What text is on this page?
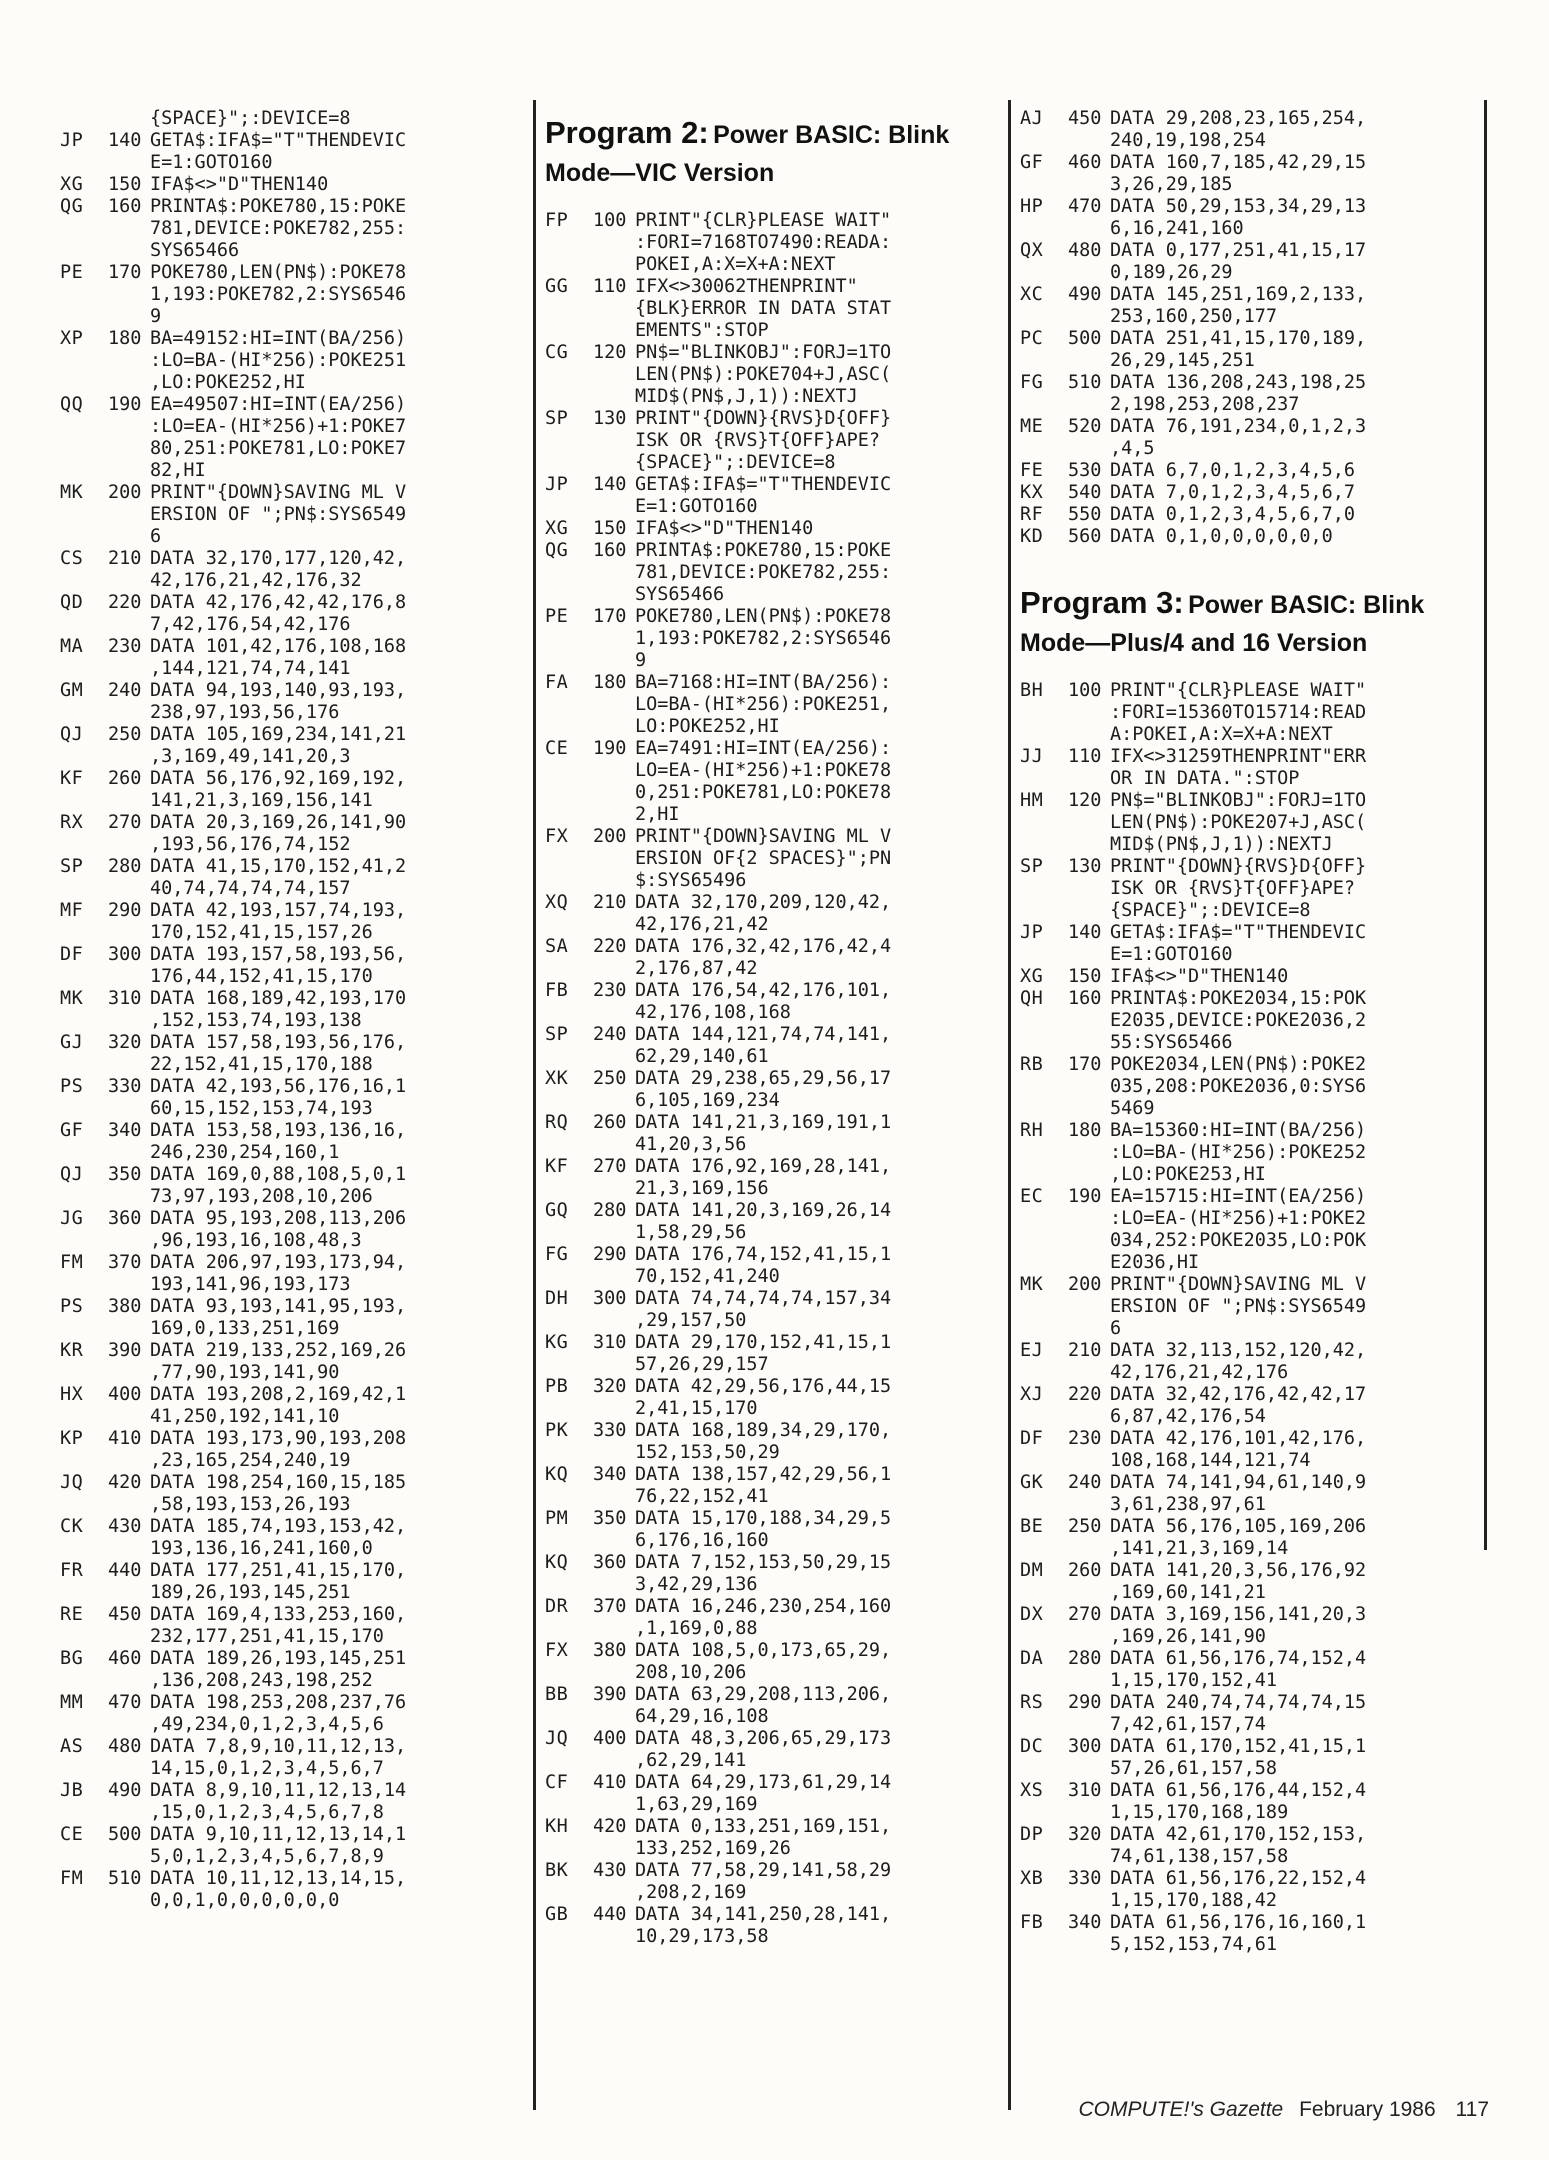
{SPACE}";:DEVICE=8
JP	140 GETA$:IFA$="T"THENDEVIC
E=1:GOTO160
XG	150 IFA$<>"D"THEN140
QG	160 PRINTA$:POKE780,15:POKE
781,DEVICE:POKE782,255:
SYS65466
PE	170 POKE780,LEN(PN$):POKE78
1,193:POKE782,2:SYS6546
9
XP	180 BA=49152:HI=INT(BA/256)
:LO=BA-(HI*256):POKE251
,LO:POKE252,HI
QQ	190 EA=49507:HI=INT(EA/256)
:LO=EA-(HI*256)+1:POKE7
80,251:POKE781,LO:POKE7
82,HI
MK	200 PRINT"{DOWN}SAVING ML V
ERSION OF ";PN$:SYS6549
6
CS	210 DATA 32,170,177,120,42,
42,176,21,42,176,32
QD	220 DATA 42,176,42,42,176,8
7,42,176,54,42,176
MA	230 DATA 101,42,176,108,168
,144,121,74,74,141
GM	240 DATA 94,193,140,93,193,
238,97,193,56,176
QJ	250 DATA 105,169,234,141,21
,3,169,49,141,20,3
KF	260 DATA 56,176,92,169,192,
141,21,3,169,156,141
RX	270 DATA 20,3,169,26,141,90
,193,56,176,74,152
SP	280 DATA 41,15,170,152,41,2
40,74,74,74,74,157
MF	290 DATA 42,193,157,74,193,
170,152,41,15,157,26
DF	300 DATA 193,157,58,193,56,
176,44,152,41,15,170
MK	310 DATA 168,189,42,193,170
,152,153,74,193,138
GJ	320 DATA 157,58,193,56,176,
22,152,41,15,170,188
PS	330 DATA 42,193,56,176,16,1
60,15,152,153,74,193
GF	340 DATA 153,58,193,136,16,
246,230,254,160,1
QJ	350 DATA 169,0,88,108,5,0,1
73,97,193,208,10,206
JG	360 DATA 95,193,208,113,206
,96,193,16,108,48,3
FM	370 DATA 206,97,193,173,94,
193,141,96,193,173
PS	380 DATA 93,193,141,95,193,
169,0,133,251,169
KR	390 DATA 219,133,252,169,26
,77,90,193,141,90
HX	400 DATA 193,208,2,169,42,1
41,250,192,141,10
KP	410 DATA 193,173,90,193,208
,23,165,254,240,19
JQ	420 DATA 198,254,160,15,185
,58,193,153,26,193
CK	430 DATA 185,74,193,153,42,
193,136,16,241,160,0
FR	440 DATA 177,251,41,15,170,
189,26,193,145,251
RE	450 DATA 169,4,133,253,160,
232,177,251,41,15,170
BG	460 DATA 189,26,193,145,251
,136,208,243,198,252
MM	470 DATA 198,253,208,237,76
,49,234,0,1,2,3,4,5,6
AS	480 DATA 7,8,9,10,11,12,13,
14,15,0,1,2,3,4,5,6,7
JB	490 DATA 8,9,10,11,12,13,14
,15,0,1,2,3,4,5,6,7,8
CE	500 DATA 9,10,11,12,13,14,1
5,0,1,2,3,4,5,6,7,8,9
FM	510 DATA 10,11,12,13,14,15,
0,0,1,0,0,0,0,0,0
Program 2: Power BASIC: Blink Mode—VIC Version
FP	100 PRINT"{CLR}PLEASE WAIT"
:FORI=7168TO7490:READA:
POKEI,A:X=X+A:NEXT
GG	110 IFX<>30062THENPRINT"
{BLK}ERROR IN DATA STAT
EMENTS":STOP
CG	120 PN$="BLINKOBJ":FORJ=1TO
LEN(PN$):POKE704+J,ASC(
MID$(PN$,J,1)):NEXTJ
SP	130 PRINT"{DOWN}{RVS}D{OFF}
ISK OR {RVS}T{OFF}APE?
{SPACE}";:DEVICE=8
JP	140 GETA$:IFA$="T"THENDEVIC
E=1:GOTO160
XG	150 IFA$<>"D"THEN140
QG	160 PRINTA$:POKE780,15:POKE
781,DEVICE:POKE782,255:
SYS65466
PE	170 POKE780,LEN(PN$):POKE78
1,193:POKE782,2:SYS6546
9
FA	180 BA=7168:HI=INT(BA/256):
LO=BA-(HI*256):POKE251,
LO:POKE252,HI
CE	190 EA=7491:HI=INT(EA/256):
LO=EA-(HI*256)+1:POKE78
0,251:POKE781,LO:POKE78
2,HI
FX	200 PRINT"{DOWN}SAVING ML V
ERSION OF{2 SPACES}";PN
$:SYS65496
XQ	210 DATA 32,170,209,120,42,
42,176,21,42
SA	220 DATA 176,32,42,176,42,4
2,176,87,42
FB	230 DATA 176,54,42,176,101,
42,176,108,168
SP	240 DATA 144,121,74,74,141,
62,29,140,61
XK	250 DATA 29,238,65,29,56,17
6,105,169,234
RQ	260 DATA 141,21,3,169,191,1
41,20,3,56
KF	270 DATA 176,92,169,28,141,
21,3,169,156
GQ	280 DATA 141,20,3,169,26,14
1,58,29,56
FG	290 DATA 176,74,152,41,15,1
70,152,41,240
DH	300 DATA 74,74,74,74,157,34
,29,157,50
KG	310 DATA 29,170,152,41,15,1
57,26,29,157
PB	320 DATA 42,29,56,176,44,15
2,41,15,170
PK	330 DATA 168,189,34,29,170,
152,153,50,29
KQ	340 DATA 138,157,42,29,56,1
76,22,152,41
PM	350 DATA 15,170,188,34,29,5
6,176,16,160
KQ	360 DATA 7,152,153,50,29,15
3,42,29,136
DR	370 DATA 16,246,230,254,160
,1,169,0,88
FX	380 DATA 108,5,0,173,65,29,
208,10,206
BB	390 DATA 63,29,208,113,206,
64,29,16,108
JQ	400 DATA 48,3,206,65,29,173
,62,29,141
CF	410 DATA 64,29,173,61,29,14
1,63,29,169
KH	420 DATA 0,133,251,169,151,
133,252,169,26
BK	430 DATA 77,58,29,141,58,29
,208,2,169
GB	440 DATA 34,141,250,28,141,
10,29,173,58
AJ	450 DATA 29,208,23,165,254,
240,19,198,254
GF	460 DATA 160,7,185,42,29,15
3,26,29,185
HP	470 DATA 50,29,153,34,29,13
6,16,241,160
QX	480 DATA 0,177,251,41,15,17
0,189,26,29
XC	490 DATA 145,251,169,2,133,
253,160,250,177
PC	500 DATA 251,41,15,170,189,
26,29,145,251
FG	510 DATA 136,208,243,198,25
2,198,253,208,237
ME	520 DATA 76,191,234,0,1,2,3
,4,5
FE	530 DATA 6,7,0,1,2,3,4,5,6
KX	540 DATA 7,0,1,2,3,4,5,6,7
RF	550 DATA 0,1,2,3,4,5,6,7,0
KD	560 DATA 0,1,0,0,0,0,0,0
Program 3: Power BASIC: Blink Mode—Plus/4 and 16 Version
BH	100 PRINT"{CLR}PLEASE WAIT"
:FORI=15360TO15714:READ
A:POKEI,A:X=X+A:NEXT
JJ	110 IFX<>31259THENPRINT"ERR
OR IN DATA.":STOP
HM	120 PN$="BLINKOBJ":FORJ=1TO
LEN(PN$):POKE207+J,ASC(
MID$(PN$,J,1)):NEXTJ
SP	130 PRINT"{DOWN}{RVS}D{OFF}
ISK OR {RVS}T{OFF}APE?
{SPACE}";:DEVICE=8
JP	140 GETA$:IFA$="T"THENDEVIC
E=1:GOTO160
XG	150 IFA$<>"D"THEN140
QH	160 PRINTA$:POKE2034,15:POK
E2035,DEVICE:POKE2036,2
55:SYS65466
RB	170 POKE2034,LEN(PN$):POKE2
035,208:POKE2036,0:SYS6
5469
RH	180 BA=15360:HI=INT(BA/256)
:LO=BA-(HI*256):POKE252
,LO:POKE253,HI
EC	190 EA=15715:HI=INT(EA/256)
:LO=EA-(HI*256)+1:POKE2
034,252:POKE2035,LO:POK
E2036,HI
MK	200 PRINT"{DOWN}SAVING ML V
ERSION OF ";PN$:SYS6549
6
EJ	210 DATA 32,113,152,120,42,
42,176,21,42,176
XJ	220 DATA 32,42,176,42,42,17
6,87,42,176,54
DF	230 DATA 42,176,101,42,176,
108,168,144,121,74
GK	240 DATA 74,141,94,61,140,9
3,61,238,97,61
BE	250 DATA 56,176,105,169,206
,141,21,3,169,14
DM	260 DATA 141,20,3,56,176,92
,169,60,141,21
DX	270 DATA 3,169,156,141,20,3
,169,26,141,90
DA	280 DATA 61,56,176,74,152,4
1,15,170,152,41
RS	290 DATA 240,74,74,74,74,15
7,42,61,157,74
DC	300 DATA 61,170,152,41,15,1
57,26,61,157,58
XS	310 DATA 61,56,176,44,152,4
1,15,170,168,189
DP	320 DATA 42,61,170,152,153,
74,61,138,157,58
XB	330 DATA 61,56,176,22,152,4
1,15,170,188,42
FB	340 DATA 61,56,176,16,160,1
5,152,153,74,61
COMPUTE!'s Gazette February 1986 117
